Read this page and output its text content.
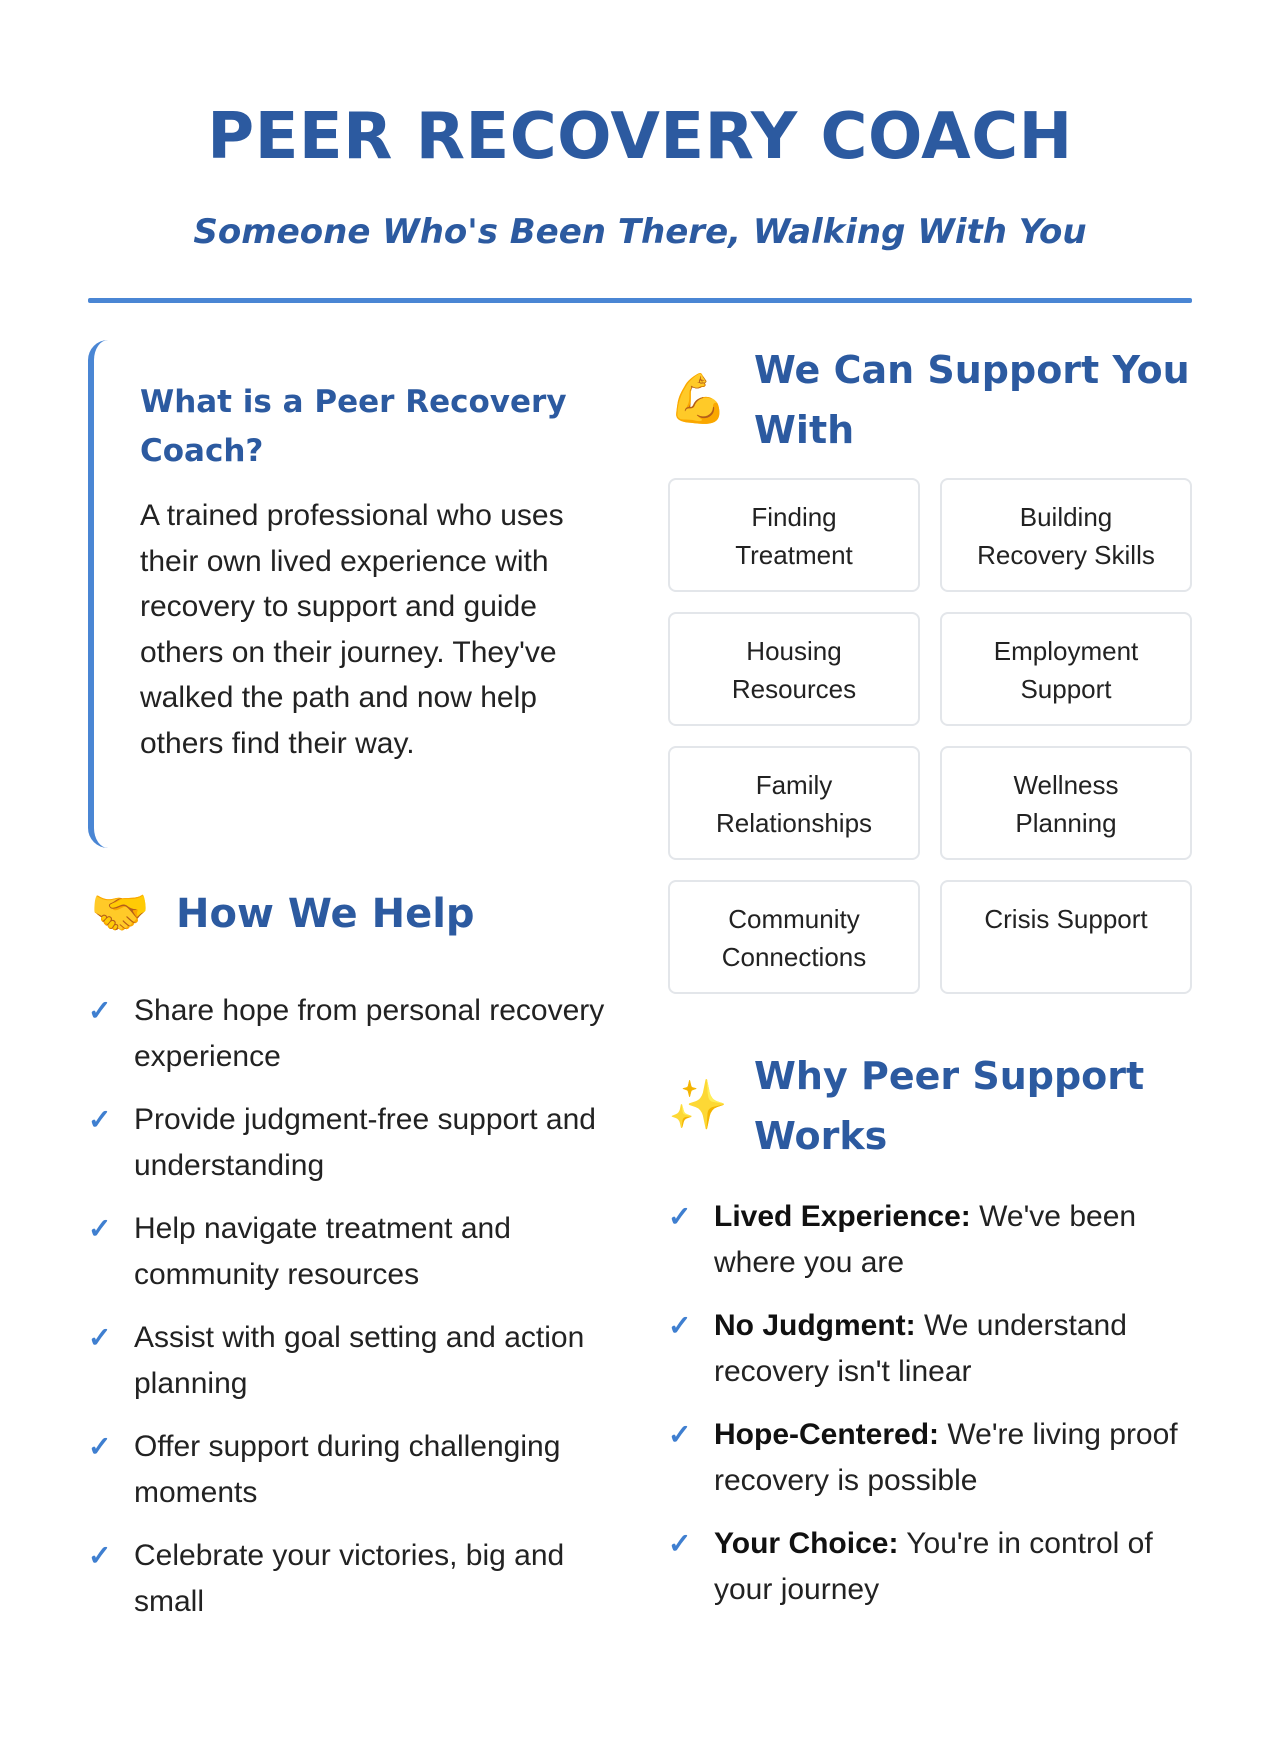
PEER RECOVERY COACH

Someone Who's Been There, Walking With You

What is a Peer Recovery Coach?

A trained professional who uses their own lived experience with recovery to support and guide others on their journey. They've walked the path and now help others find their way.

🤝 How We Help
✓ Share hope from personal recovery experience
✓ Provide judgment-free support and understanding
✓ Help navigate treatment and community resources
✓ Assist with goal setting and action planning
✓ Offer support during challenging moments
✓ Celebrate your victories, big and small
💪
We Can Support You With
Finding Treatment
Building Recovery Skills
Housing Resources
Employment Support
Family Relationships
Wellness Planning
Community Connections
Crisis Support
✨
Why Peer Support Works
✓ Lived Experience: We've been where you are
✓ No Judgment: We understand recovery isn't linear
✓ Hope-Centered: We're living proof recovery is possible
✓ Your Choice: You're in control of your journey
